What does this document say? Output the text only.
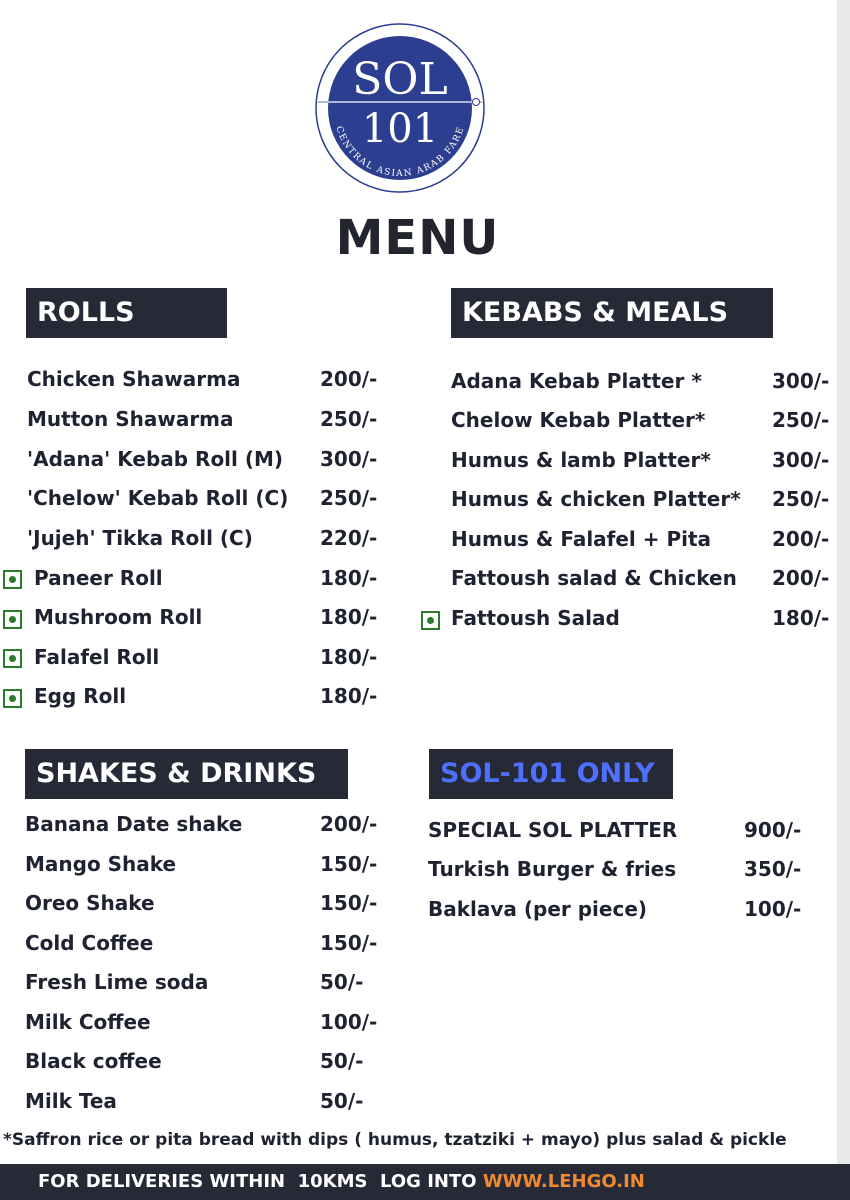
SOL
101
CENTRAL ASIAN ARAB FARE
MENU
ROLLS	KEBABS & MEALS
SHAKES & DRINKS	SOL-101 ONLY
Chicken Shawarma	200/-
Mutton Shawarma	250/-
'Adana' Kebab Roll (M) 300/-
'Chelow' Kebab Roll (C) 250/-
'Jujeh' Tikka Roll (C)	220/-
Paneer Roll	180/-
Mushroom Roll	180/-
Falafel Roll	180/-
Egg Roll	180/-
Adana Kebab Platter *	300/-
Chelow Kebab Platter*	250/-
Humus & lamb Platter*	300/-
Humus & chicken Platter* 250/-
Humus & Falafel + Pita	200/-
Fattoush salad & Chicken 200/-
Fattoush Salad	180/-
Banana Date shake	200/-
Mango Shake	150/-
Oreo Shake	150/-
Cold Coffee	150/-
Fresh Lime soda	50/-
Milk Coffee	100/-
Black coffee	50/-
Milk Tea	50/-
SPECIAL SOL PLATTER	900/-
Turkish Burger & fries	350/-
Baklava (per piece)	100/-
*Saffron rice or pita bread with dips ( humus, tzatziki + mayo) plus salad & pickle
FOR DELIVERIES WITHIN  10KMS  LOG INTO WWW.LEHGO.IN
